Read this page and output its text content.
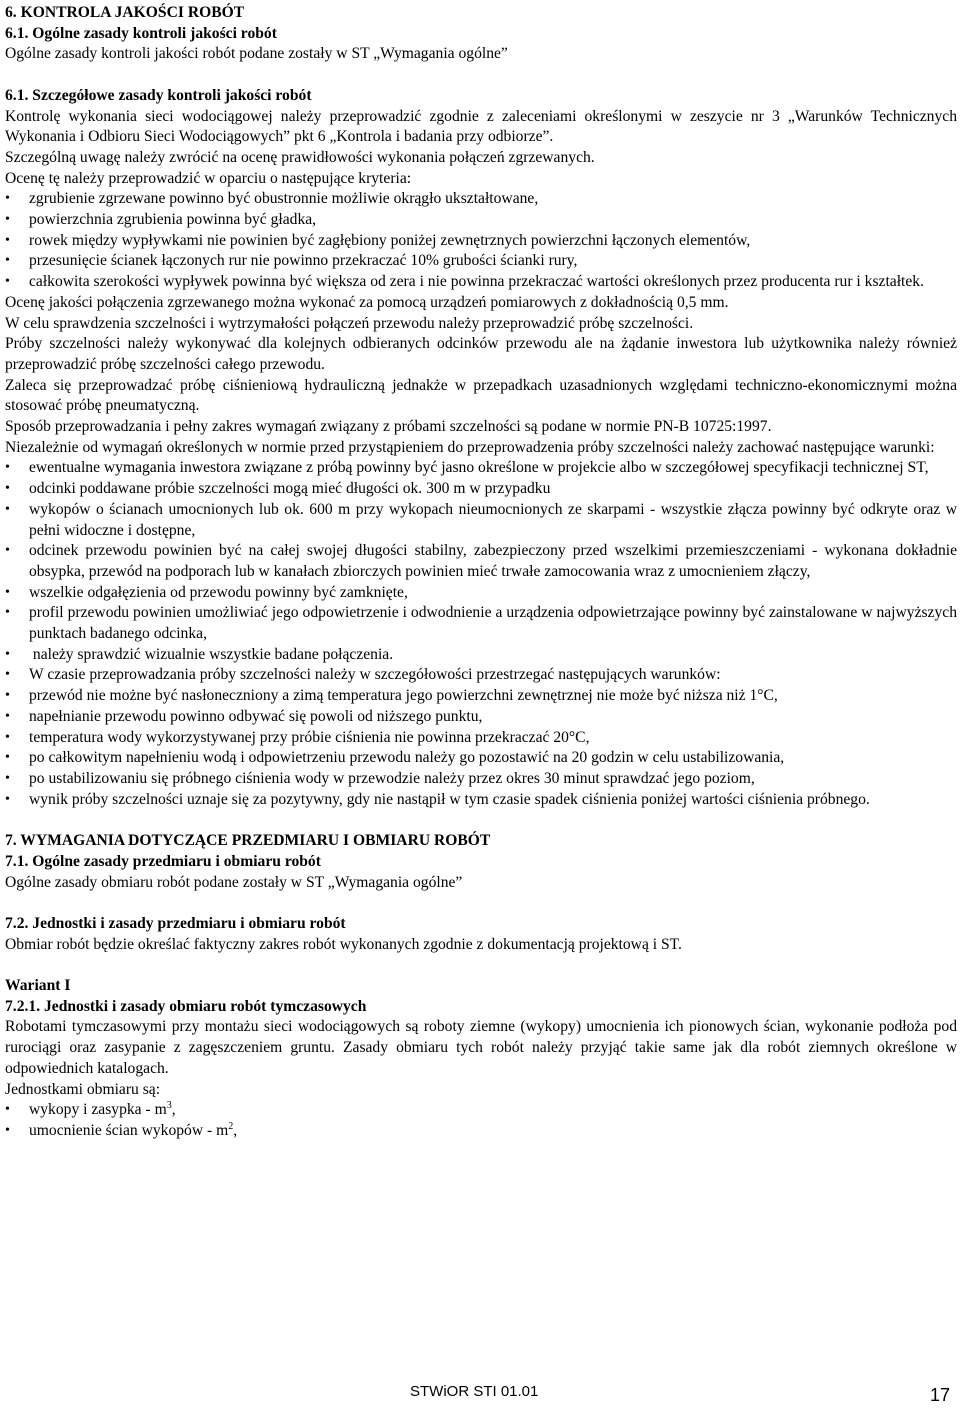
6. KONTROLA JAKOŚCI ROBÓT

6.1. Ogólne zasady kontroli jakości robót

Ogólne zasady kontroli jakości robót podane zostały w ST „Wymagania ogólne”

6.1. Szczegółowe zasady kontroli jakości robót

Kontrolę wykonania sieci wodociągowej należy przeprowadzić zgodnie z zaleceniami określonymi w zeszycie nr 3 „Warunków Technicznych Wykonania i Odbioru Sieci Wodociągowych” pkt 6 „Kontrola i badania przy odbiorze”.

Szczególną uwagę należy zwrócić na ocenę prawidłowości wykonania połączeń zgrzewanych.

Ocenę tę należy przeprowadzić w oparciu o następujące kryteria:

•	zgrubienie zgrzewane powinno być obustronnie możliwie okrągło ukształtowane,
•	powierzchnia zgrubienia powinna być gładka,
•	rowek między wypływkami nie powinien być zagłębiony poniżej zewnętrznych powierzchni łączonych elementów,
•	przesunięcie ścianek łączonych rur nie powinno przekraczać 10% grubości ścianki rury,
•	całkowita szerokości wypływek powinna być większa od zera i nie powinna przekraczać wartości określonych przez producenta rur i kształtek.

Ocenę jakości połączenia zgrzewanego można wykonać za pomocą urządzeń pomiarowych z dokładnością 0,5 mm.

W celu sprawdzenia szczelności i wytrzymałości połączeń przewodu należy przeprowadzić próbę szczelności.

Próby szczelności należy wykonywać dla kolejnych odbieranych odcinków przewodu ale na żądanie inwestora lub użytkownika należy również przeprowadzić próbę szczelności całego przewodu.

Zaleca się przeprowadzać próbę ciśnieniową hydrauliczną jednakże w przepadkach uzasadnionych względami techniczno-ekonomicznymi można stosować próbę pneumatyczną.

Sposób przeprowadzania i pełny zakres wymagań związany z próbami szczelności są podane w normie PN-B 10725:1997.

Niezależnie od wymagań określonych w normie przed przystąpieniem do przeprowadzenia próby szczelności należy zachować następujące warunki:

•	ewentualne wymagania inwestora związane z próbą powinny być jasno określone w projekcie albo w szczegółowej specyfikacji technicznej ST,
•	odcinki poddawane próbie szczelności mogą mieć długości ok. 300 m w przypadku
•	wykopów o ścianach umocnionych lub ok. 600 m przy wykopach nieumocnionych ze skarpami - wszystkie złącza powinny być odkryte oraz w pełni widoczne i dostępne,
•	odcinek przewodu powinien być na całej swojej długości stabilny, zabezpieczony przed wszelkimi przemieszczeniami - wykonana dokładnie obsypka, przewód na podporach lub w kanałach zbiorczych powinien mieć trwałe zamocowania wraz z umocnieniem złączy,
•	wszelkie odgałęzienia od przewodu powinny być zamknięte,
•	profil przewodu powinien umożliwiać jego odpowietrzenie i odwodnienie a urządzenia odpowietrzające powinny być zainstalowane w najwyższych punktach badanego odcinka,
•	należy sprawdzić wizualnie wszystkie badane połączenia.
•	W czasie przeprowadzania próby szczelności należy w szczegółowości przestrzegać następujących warunków:
•	przewód nie możne być nasłoneczniony a zimą temperatura jego powierzchni zewnętrznej nie może być niższa niż 1°C,
•	napełnianie przewodu powinno odbywać się powoli od niższego punktu,
•	temperatura wody wykorzystywanej przy próbie ciśnienia nie powinna przekraczać 20°C,
•	po całkowitym napełnieniu wodą i odpowietrzeniu przewodu należy go pozostawić na 20 godzin w celu ustabilizowania,
•	po ustabilizowaniu się próbnego ciśnienia wody w przewodzie należy przez okres 30 minut sprawdzać jego poziom,
•	wynik próby szczelności uznaje się za pozytywny, gdy nie nastąpił w tym czasie spadek ciśnienia poniżej wartości ciśnienia próbnego.

7. WYMAGANIA DOTYCZĄCE PRZEDMIARU I OBMIARU ROBÓT

7.1. Ogólne zasady przedmiaru i obmiaru robót

Ogólne zasady obmiaru robót podane zostały w ST „Wymagania ogólne”

7.2. Jednostki i zasady przedmiaru i obmiaru robót

Obmiar robót będzie określać faktyczny zakres robót wykonanych zgodnie z dokumentacją projektową i ST.

Wariant I

7.2.1. Jednostki i zasady obmiaru robót tymczasowych

Robotami tymczasowymi przy montażu sieci wodociągowych są roboty ziemne (wykopy) umocnienia ich pionowych ścian, wykonanie podłoża pod rurociągi oraz zasypanie z zagęszczeniem gruntu. Zasady obmiaru tych robót należy przyjąć takie same jak dla robót ziemnych określone w odpowiednich katalogach.

Jednostkami obmiaru są:

•	wykopy i zasypka - $m^3$,
•	umocnienie ścian wykopów - $m^2$,
STWiOR STI 01.01	17
